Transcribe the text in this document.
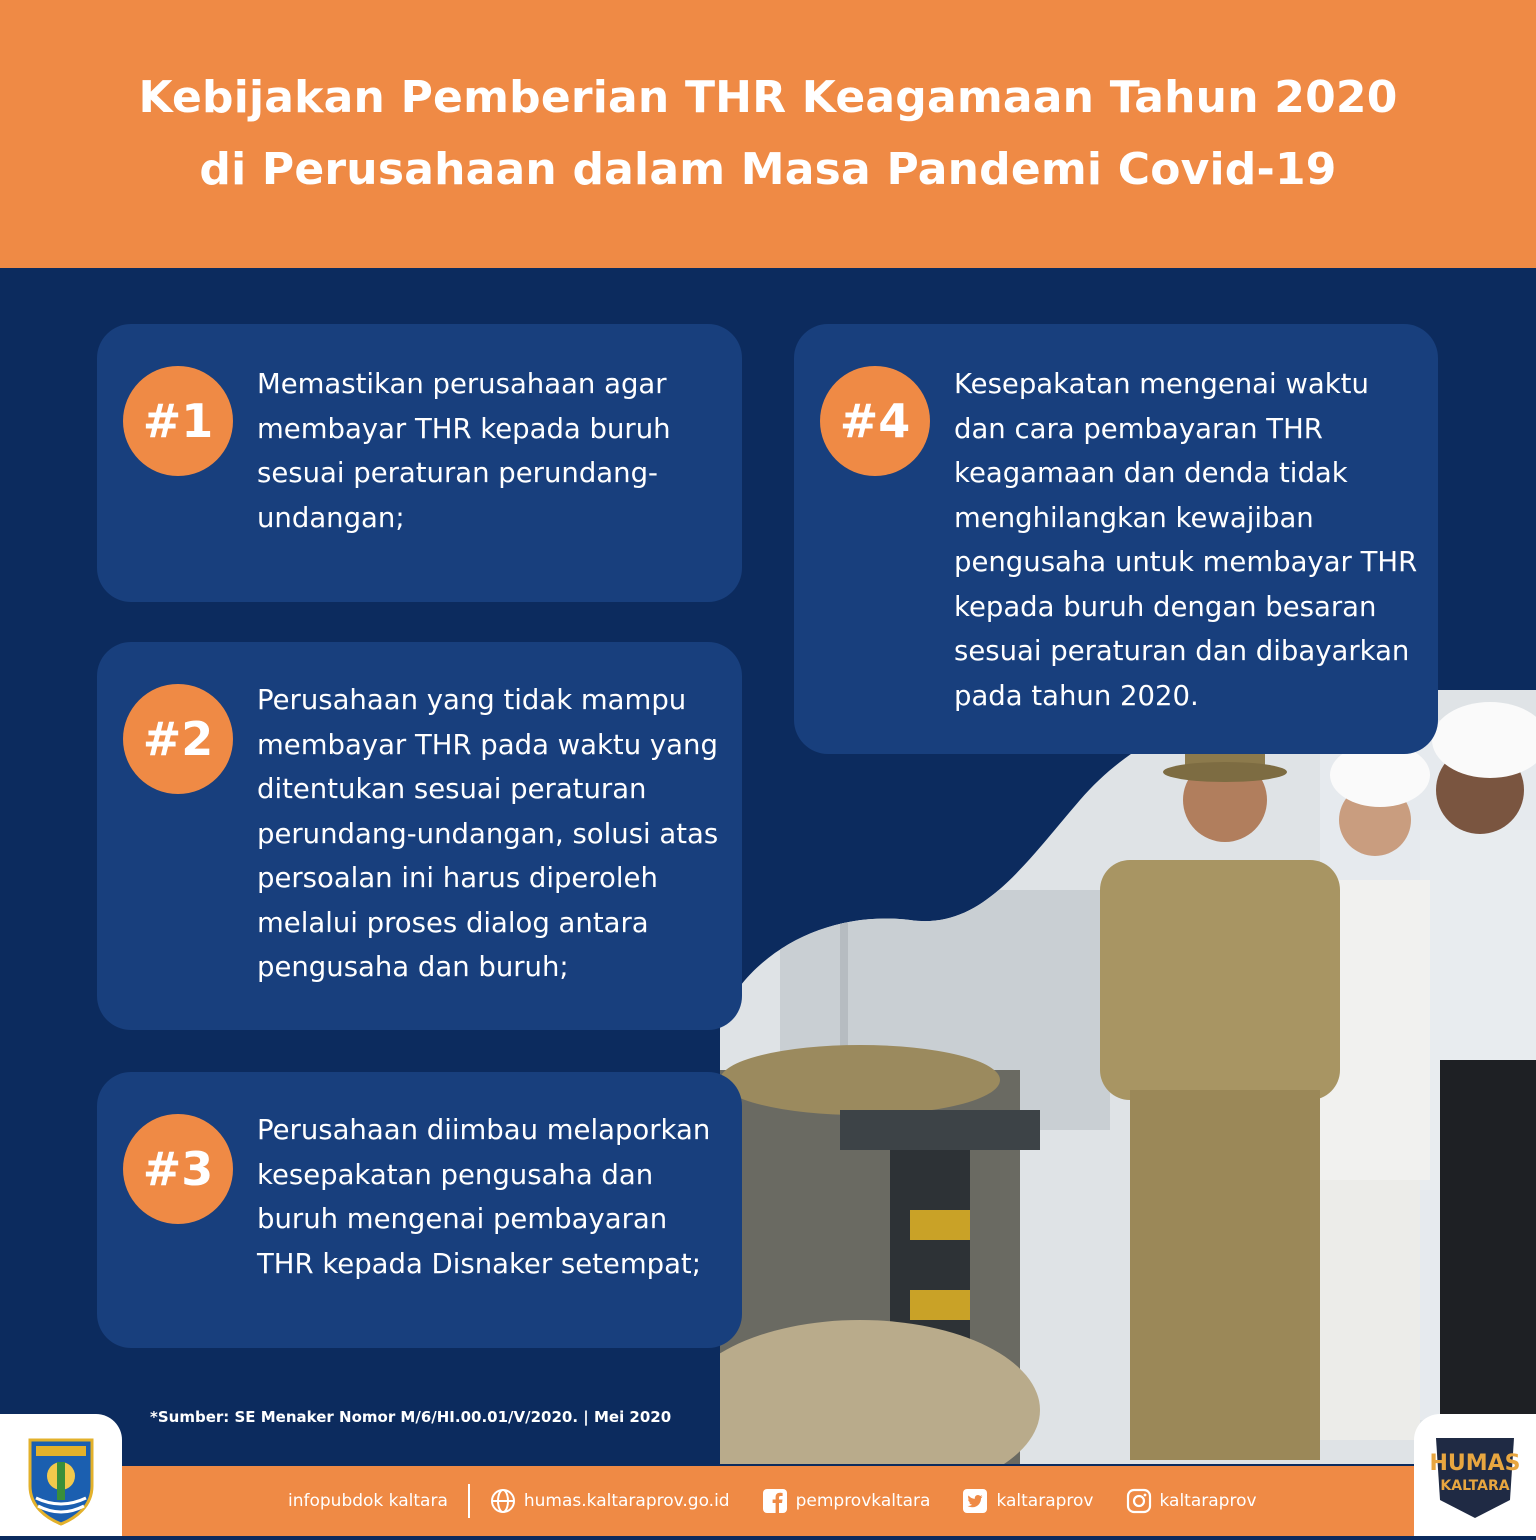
Kebijakan Pemberian THR Keagamaan Tahun 2020
di Perusahaan dalam Masa Pandemi Covid-19
#1
Memastikan perusahaan agar
membayar THR kepada buruh
sesuai peraturan perundang-
undangan;
#2
Perusahaan yang tidak mampu
membayar THR pada waktu yang
ditentukan sesuai peraturan
perundang-undangan, solusi atas
persoalan ini harus diperoleh
melalui proses dialog antara
pengusaha dan buruh;
#3
Perusahaan diimbau melaporkan
kesepakatan pengusaha dan
buruh mengenai pembayaran
THR kepada Disnaker setempat;
#4
Kesepakatan mengenai waktu
dan cara pembayaran THR
keagamaan dan denda tidak
menghilangkan kewajiban
pengusaha untuk membayar THR
kepada buruh dengan besaran
sesuai peraturan dan dibayarkan
pada tahun 2020.
*Sumber: SE Menaker Nomor M/6/HI.00.01/V/2020. | Mei 2020
infopubdok kaltara	humas.kaltaraprov.go.id	pemprovkaltara	kaltaraprov	kaltaraprov
HUMAS
KALTARA
